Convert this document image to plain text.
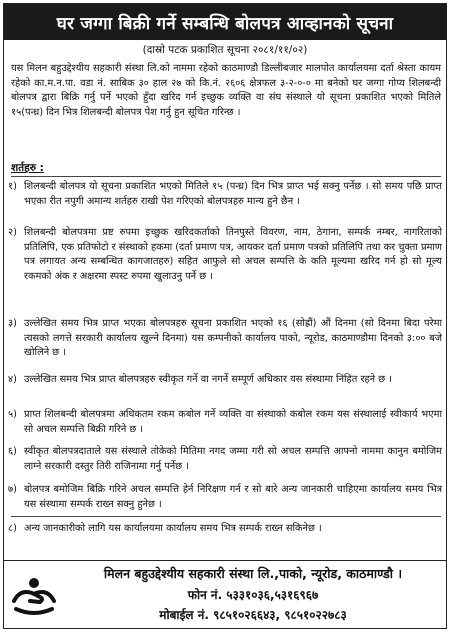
घर जग्गा बिक्री गर्ने सम्बन्धि बोलपत्र आव्हानको सूचना
(दास्रो पटक प्रकाशित सूचना २०८१/११/०२)
यस मिलन बहुउद्देश्यीय सहकारी संस्था लि.को नाममा रहेको काठमाण्डौ डिल्लीबजार मालपोत कार्यालयमा दर्ता श्रेस्ता कायम रहेको का.म.न.पा. वडा नं. साबिक ३० हाल २७ को कि.नं. २६०६ क्षेत्रफल ३-२-०-० मा बनेको घर जग्गा गोप्य शिलबन्दी बोलपत्र द्वारा बिक्रि गर्नु पर्ने भएको हुँदा खरिद गर्न इच्छुक व्यक्ति वा संघ संस्थाले यो सूचना प्रकाशित भएको मितिले १५(पन्ध्र) दिन भित्र शिलबन्दी बोलपत्र पेश गर्नु हुन सूचित गरिन्छ ।
शर्तहरु :
१) शिलबन्दी बोलपत्र यो सूचना प्रकाशित भएको मितिले १५ (पन्ध्र) दिन भित्र प्राप्त भई सक्नु पर्नेछ । सो समय पछि प्राप्त भएका रीत नपुगी अमान्य शर्तहरु राखी पेश गरिएको बोलपत्रहरु मान्य हुने छैन ।
२) शिलबन्दी बोलपत्रमा प्रष्ट रुपमा इच्छुक खरिदकर्ताको तिनपुस्ते विवरण, नाम, ठेगाना, सम्पर्क नम्बर, नागरिताको प्रतिलिपि, ए‍क प्रतिफोटो र संस्थाको हकमा (दर्ता प्रमाण पत्र, आयकर दर्ता प्रमाण पत्रको प्रतिलिपि तथा कर चुक्ता प्रमाण पत्र लगायत अन्य सम्बन्धित कागजातहरु) सहित आफुले सो अचल सम्पत्ति के कति मूल्यमा खरिद गर्न हो सो मूल्य रकमको अंक र अक्षरमा स्पस्ट रुपमा खुलाउनु पर्ने छ ।
३) उल्लेखित समय भित्र प्राप्त भएका बोलपत्रहरु सूचना प्रकाशित भएको १६ (सोह्रौं) औं दिनमा (सो दिनमा बिदा परेमा त्यसको लगत्ते सरकारी कार्यालय खुल्ने दिनमा) यस कम्पनीको कार्यालय पाको, न्यूरोड, काठमाण्डौमा दिनको ३:०० बजे खोलिने छ ।
४) उल्लेखित समय भित्र प्राप्त बोलपत्रहरु स्वीकृत गर्ने वा नगर्ने सम्पूर्ण अधिकार यस संस्थामा निहित रहने छ ।
५) प्राप्त शिलबन्दी बोलपत्रमा अधिकतम रकम कबोल गर्ने व्यक्ति वा संस्थाको कबोल रकम यस संस्थालाई स्वीकार्य भएमा सो अचल सम्पत्ति बिक्री गरिने छ ।
६) स्वीकृत बोलपत्रदाताले यस संस्थाले तोकेको मितिमा नगद जम्मा गरी सो अचल सम्पत्ति आफ्नो नाममा कानुन बमोजिम लाग्ने सरकारी दस्तुर तिरी राजिनामा गर्नु पर्नेछ ।
७) बोलपत्र बमोजिम बिक्रि गरिने अचल सम्पत्ति हेर्न निरिक्षण गर्न र सो बारे अन्य जानकारी चाहिएमा कार्यालय समय भित्र यस संस्थामा सम्पर्क राख्न सक्नु हुनेछ ।
८) अन्य जानकारीको लागि यस कार्यालयमा कार्यालय समय भित्र सम्पर्क राख्न सकिनेछ ।
मिलन बहुउद्देश्यीय सहकारी संस्था लि.,पाको, न्यूरोड, काठमाण्डौ ।
फोन नं. ५३३१०३६,५३१६९६७
मोबाईल नं. ९८५१०२६६४३, ९८५१०२२७८३
